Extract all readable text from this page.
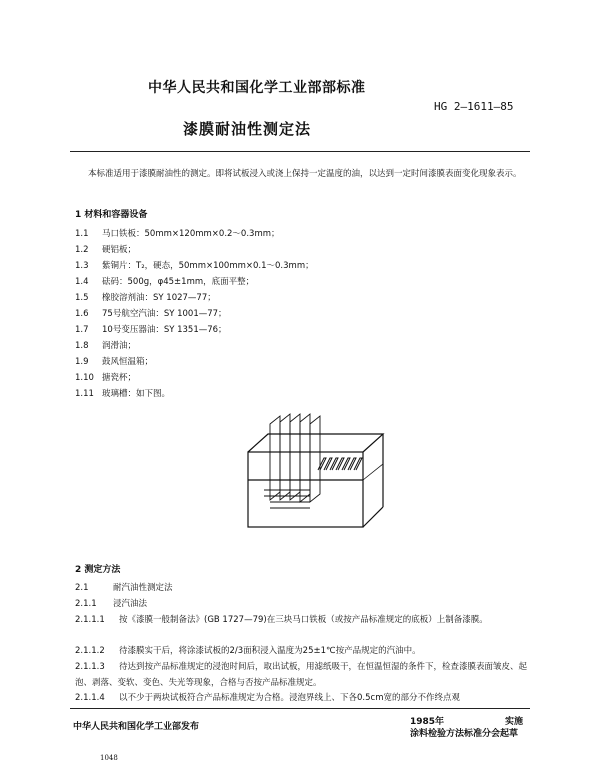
中华人民共和国化学工业部部标准
HG 2—1611—85
漆膜耐油性测定法

本标准适用于漆膜耐油性的测定。即将试板浸入或浇上保持一定温度的油，以达到一定时间漆膜表面变化现象表示。

1 材料和容器设备
1.1 马口铁板：50mm×120mm×0.2～0.3mm；
1.2 硬铝板；
1.3 紫铜片：T₂，硬态，50mm×100mm×0.1～0.3mm；
1.4 砝码：500g，φ45±1mm，底面平整；
1.5 橡胶溶剂油：SY 1027—77；
1.6 75号航空汽油：SY 1001—77；
1.7 10号变压器油：SY 1351—76；
1.8 润滑油；
1.9 鼓风恒温箱；
1.10 搪瓷杯；
1.11 玻璃槽：如下图。
2 测定方法
2.1	耐汽油性测定法
2.1.1 浸汽油法
2.1.1.1 按《漆膜一般制备法》(GB 1727—79)在三块马口铁板（或按产品标准规定的底板）上制备漆膜。
2.1.1.2 待漆膜实干后，将涂漆试板的2/3面积浸入温度为25±1℃按产品规定的汽油中。
2.1.1.3 待达到按产品标准规定的浸泡时间后，取出试板，用滤纸吸干，在恒温恒湿的条件下，检查漆膜表面皱皮、起泡、剥落、变软、变色、失光等现象，合格与否按产品标准规定。
2.1.1.4 以不少于两块试板符合产品标准规定为合格。浸泡界线上、下各0.5cm宽的部分不作终点观
中华人民共和国化学工业部发布	1985年	实施
涂料检验方法标准分会起草
1048
